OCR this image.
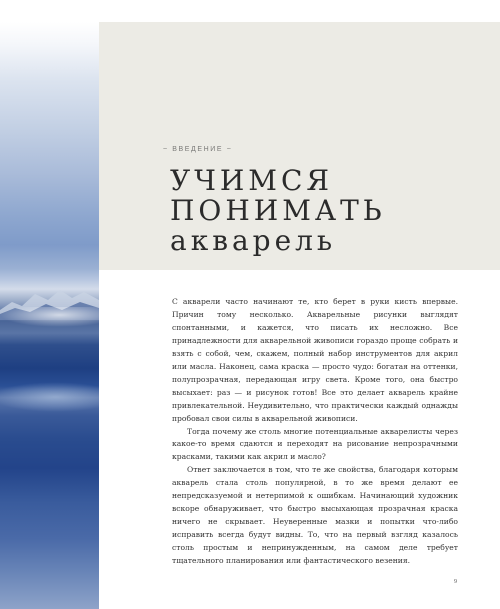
~ ВВЕДЕНИЕ ~
УЧИМСЯ
ПОНИМАТЬ
акварель

С акварели часто начинают те, кто берет в руки кисть впервые. Причин тому несколько. Акварельные рисунки выглядят спонтанными, и кажется, что писать их несложно. Все принадлежности для акварельной живописи гораздо проще собрать и взять с собой, чем, скажем, полный набор инструментов для акрил или масла. Наконец, сама краска — просто чудо: богатая на оттенки, полупрозрачная, передающая игру света. Кроме того, она быстро высыхает: раз — и рисунок готов! Все это делает акварель крайне привлекательной. Неудивительно, что практически каждый однажды пробовал свои силы в акварельной живописи.

Тогда почему же столь многие потенциальные акварелисты через какое-то время сдаются и переходят на рисование непрозрачными красками, такими как акрил и масло?

Ответ заключается в том, что те же свойства, благодаря которым акварель стала столь популярной, в то же время делают ее непредсказуемой и нетерпимой к ошибкам. Начинающий художник вскоре обнаруживает, что быстро высыхающая прозрачная краска ничего не скрывает. Неуверенные мазки и попытки что-либо исправить всегда будут видны. То, что на первый взгляд казалось столь простым и непринужденным, на самом деле требует тщательного планирования или фантастического везения.

9
